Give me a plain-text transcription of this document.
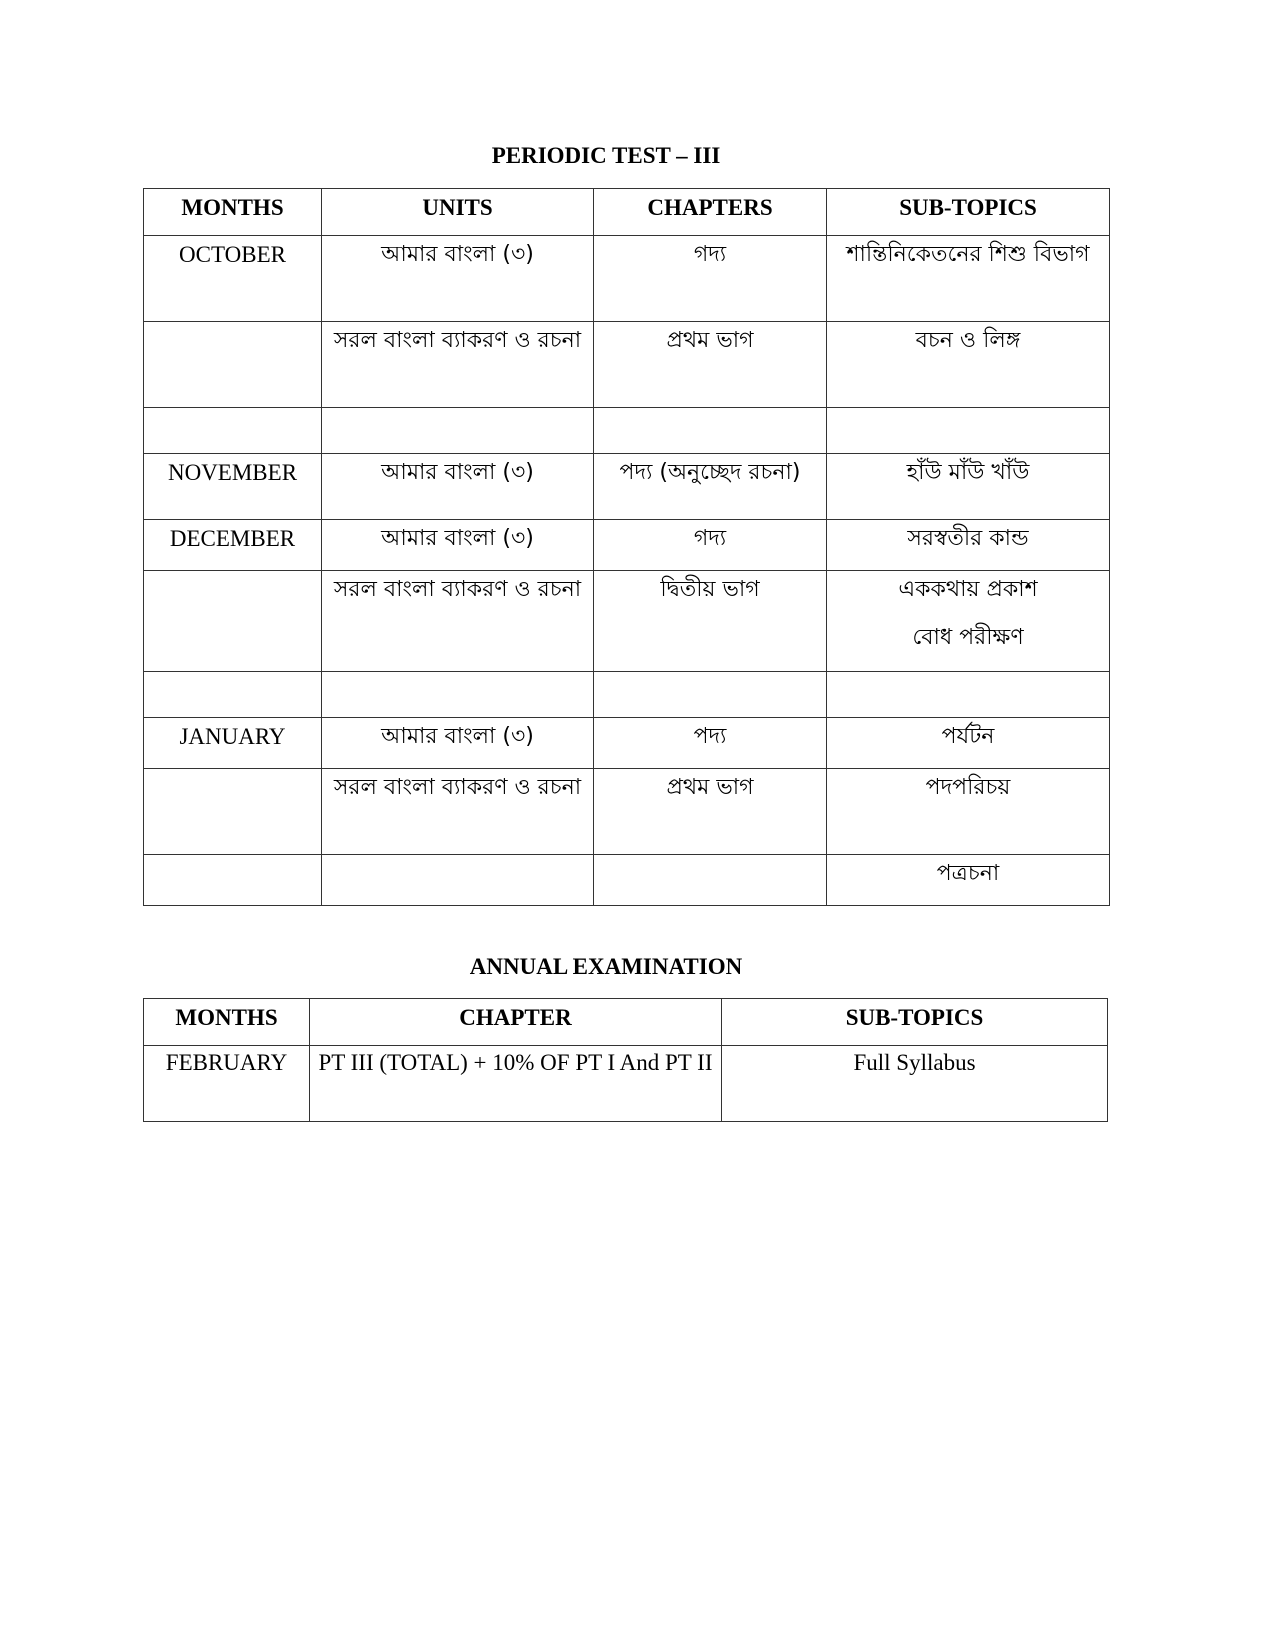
PERIODIC TEST – III
MONTHS	UNITS	CHAPTERS	SUB-TOPICS
OCTOBER	আমার বাংলা (৩)	গদ্য	শান্তিনিকেতনের শিশু বিভাগ
	সরল বাংলা ব্যাকরণ ও রচনা	প্রথম ভাগ	বচন ও লিঙ্গ

NOVEMBER	আমার বাংলা (৩)	পদ্য (অনুচ্ছেদ রচনা)	হাঁউ মাঁউ খাঁউ
DECEMBER	আমার বাংলা (৩)	গদ্য	সরস্বতীর কান্ড
	সরল বাংলা ব্যাকরণ ও রচনা	দ্বিতীয় ভাগ	এককথায় প্রকাশ
বোধ পরীক্ষণ

JANUARY	আমার বাংলা (৩)	পদ্য	পর্যটন
	সরল বাংলা ব্যাকরণ ও রচনা	প্রথম ভাগ	পদপরিচয়
			পত্রচনা
ANNUAL EXAMINATION
MONTHS	CHAPTER	SUB-TOPICS
FEBRUARY	PT III (TOTAL) + 10% OF PT I And PT II	Full Syllabus
